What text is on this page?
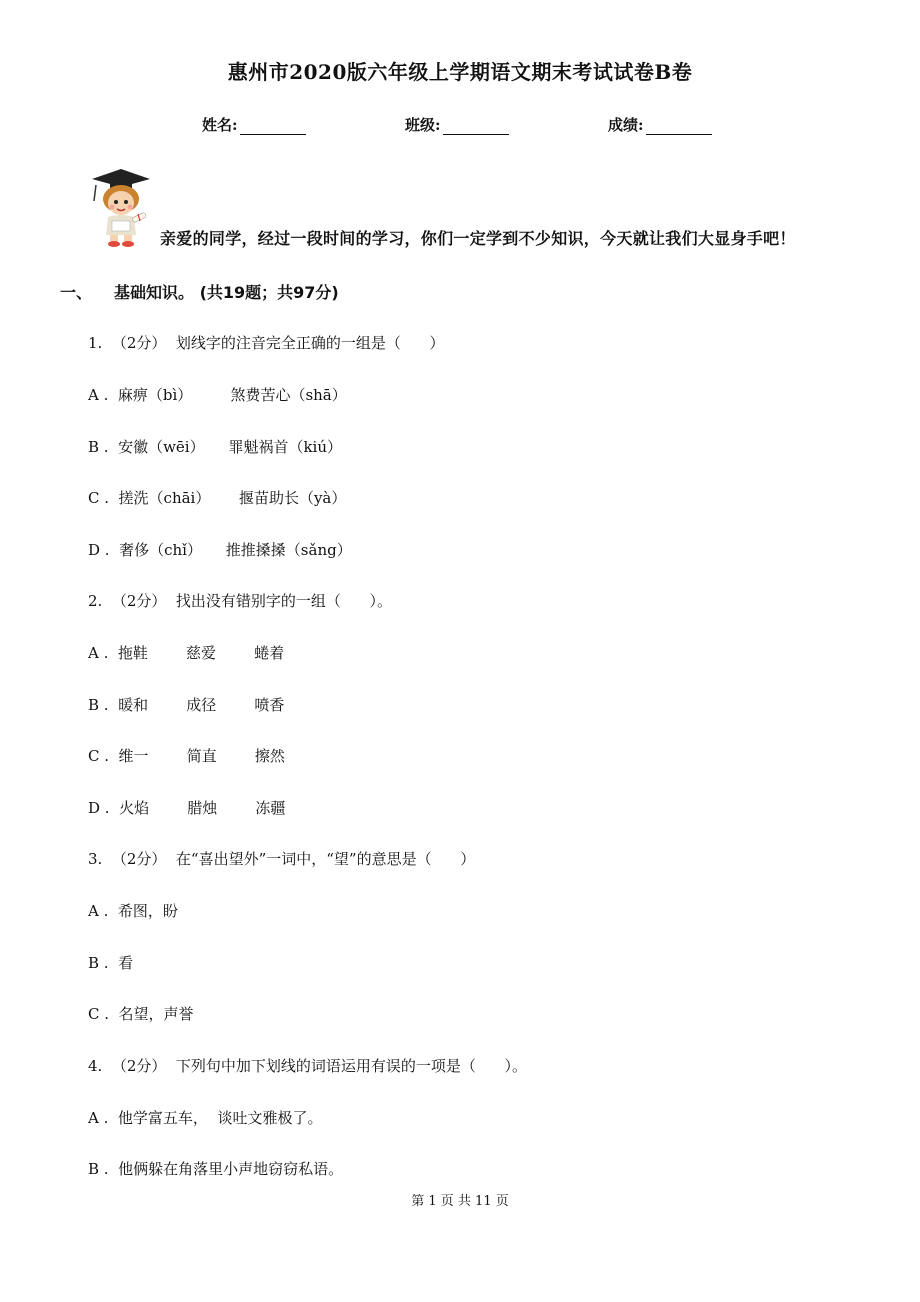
惠州市2020版六年级上学期语文期末考试试卷B卷
姓名:	班级:	成绩:
亲爱的同学，经过一段时间的学习，你们一定学到不少知识，今天就让我们大显身手吧！
一、 基础知识。 (共19题；共97分)
1.  （2分）  划线字的注音完全正确的一组是（      ）
A .  麻痹（bì）        煞费苦心（shā）
B .  安徽（wēi）     罪魁祸首（kiú）
C .  搓洗（chāi）      揠苗助长（yà）
D .  奢侈（chǐ）     推推搡搡（sǎng）
2.  （2分）  找出没有错别字的一组（      ）。
A .  拖鞋        慈爱        蜷着
B .  暖和        成径        喷香
C .  维一        简直        擦然
D .  火焰        腊烛        冻疆
3.  （2分）  在“喜出望外”一词中，“望”的意思是（      ）
A .  希图，盼
B .  看
C .  名望，声誉
4.  （2分）  下列句中加下划线的词语运用有误的一项是（      ）。
A .  他学富五车，  谈吐文雅极了。
B .  他俩躲在角落里小声地窃窃私语。
第 1 页 共 11 页
